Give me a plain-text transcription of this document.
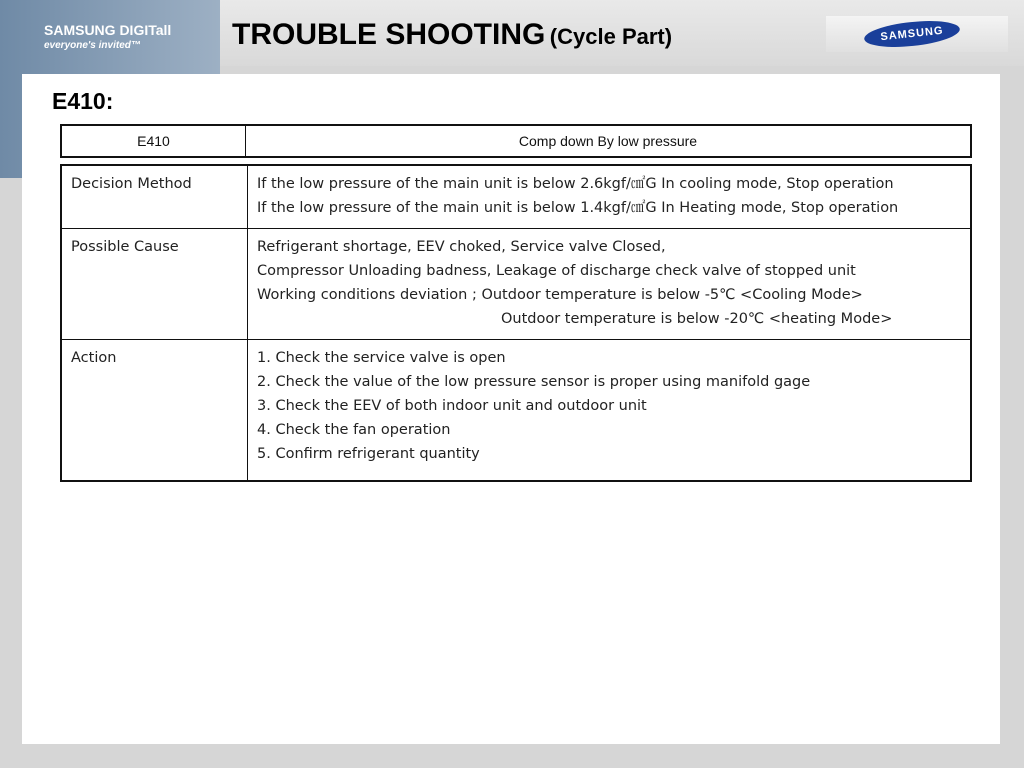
SAMSUNG DIGITall
everyone's invited™	TROUBLE SHOOTING (Cycle Part)	SAMSUNG
E410:
E410	Comp down By low pressure
Decision Method	If the low pressure of the main unit is below 2.6kgf/㎠G In cooling mode, Stop operation
If the low pressure of the main unit is below 1.4kgf/㎠G In Heating mode, Stop operation

Possible Cause	Refrigerant shortage, EEV choked, Service valve Closed,
Compressor Unloading badness, Leakage of discharge check valve of stopped unit
Working conditions deviation ; Outdoor temperature is below -5℃ <Cooling Mode>
Outdoor temperature is below -20℃ <heating Mode>

Action	1. Check the service valve is open
2. Check the value of the low pressure sensor is proper using manifold gage
3. Check the EEV of both indoor unit and outdoor unit
4. Check the fan operation
5. Confirm refrigerant quantity
